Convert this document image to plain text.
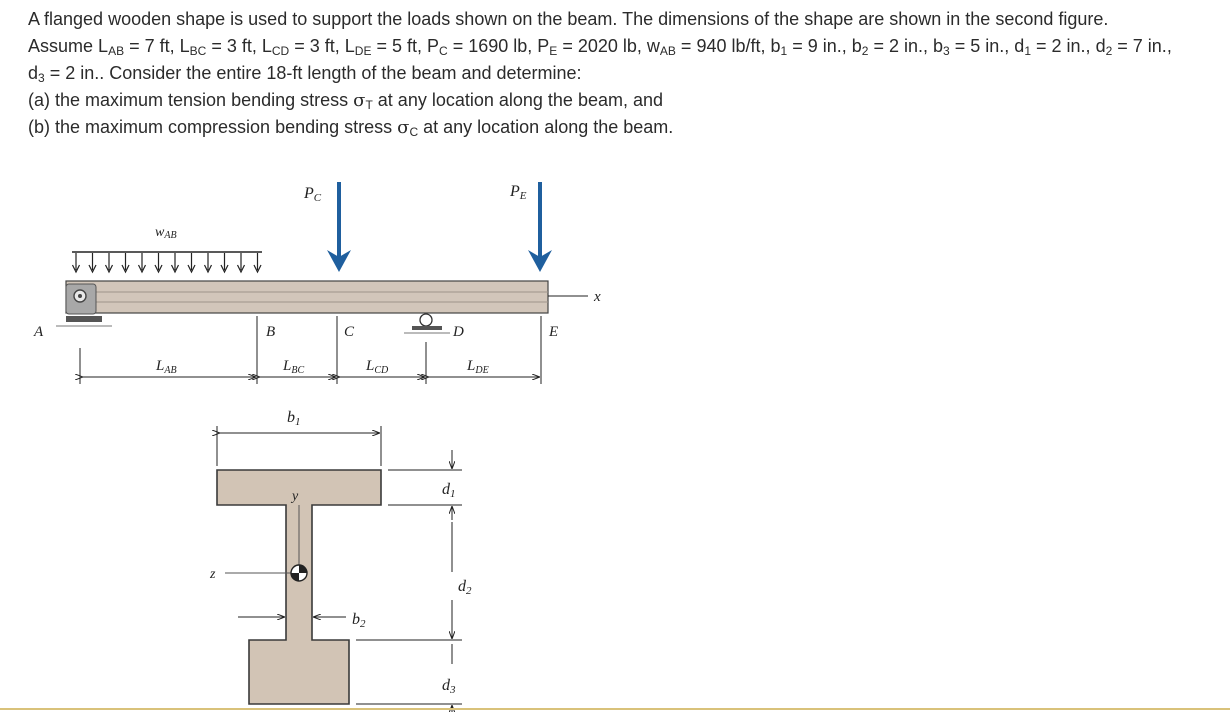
A flanged wooden shape is used to support the loads shown on the beam. The dimensions of the shape are shown in the second figure.
Assume $L_{AB} = 7$ ft, $L_{BC} = 3$ ft, $L_{CD} = 3$ ft, $L_{DE} = 5$ ft, $P_C = 1690$ lb, $P_E = 2020$ lb, $w_{AB} = 940$ lb/ft, $b_1 = 9$ in., $b_2 = 2$ in., $b_3 = 5$ in., $d_1 = 2$ in., $d_2 = 7$ in.,
$d_3 = 2$ in.. Consider the entire 18-ft length of the beam and determine:
(a) the maximum tension bending stress $\sigma_T$ at any location along the beam, and
(b) the maximum compression bending stress $\sigma_C$ at any location along the beam.
wAB
x
A
PC	PE
B	C	D	E
$L_{AB}$	$L_{BC}$	$L_{CD}$	$L_{DE}$
b1
y
z
b2
d1
d2
d3
